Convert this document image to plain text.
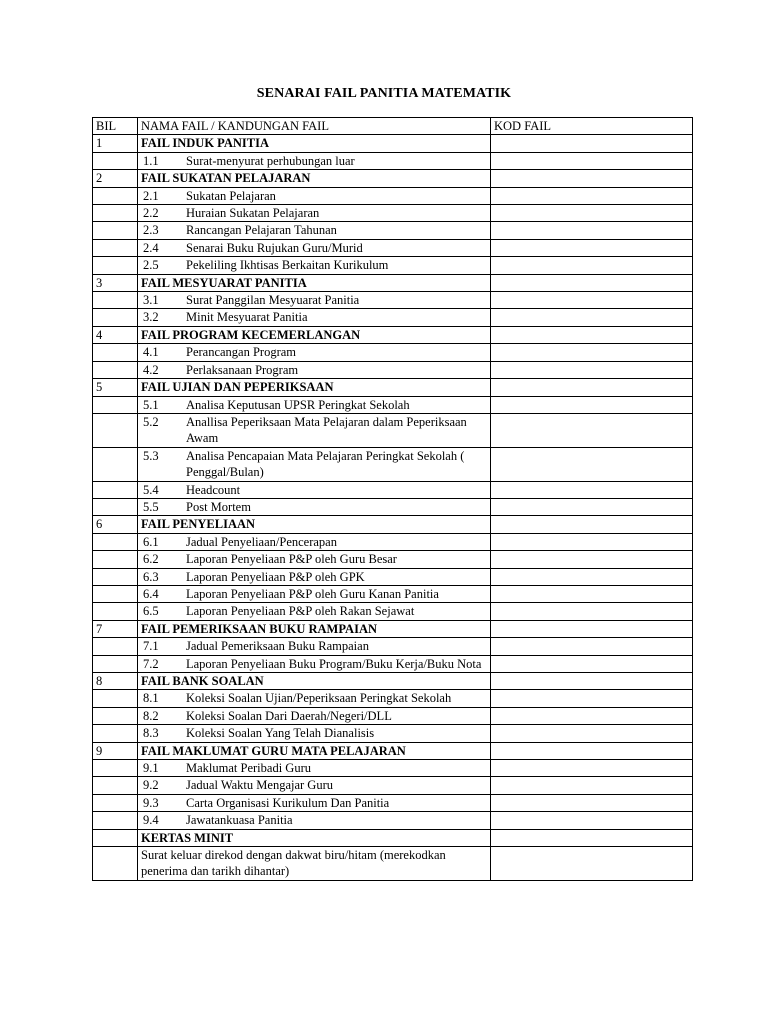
SENARAI FAIL PANITIA MATEMATIK
BIL	NAMA FAIL / KANDUNGAN FAIL	KOD FAIL
1	FAIL INDUK PANITIA	

	1.1 Surat-menyurat perhubungan luar	

2	FAIL SUKATAN PELAJARAN	

	2.1 Sukatan Pelajaran	

	2.2 Huraian Sukatan Pelajaran	

	2.3 Rancangan Pelajaran Tahunan	

	2.4 Senarai Buku Rujukan Guru/Murid	

	2.5 Pekeliling Ikhtisas Berkaitan Kurikulum	

3	FAIL MESYUARAT PANITIA	

	3.1 Surat Panggilan Mesyuarat Panitia	

	3.2 Minit Mesyuarat Panitia	

4	FAIL PROGRAM KECEMERLANGAN	

	4.1 Perancangan Program	

	4.2 Perlaksanaan Program	

5	FAIL UJIAN DAN PEPERIKSAAN	

	5.1 Analisa Keputusan UPSR Peringkat Sekolah	

	5.2 Anallisa Peperiksaan Mata Pelajaran dalam Peperiksaan Awam	

	5.3 Analisa Pencapaian Mata Pelajaran Peringkat Sekolah ( Penggal/Bulan)	

	5.4 Headcount	

	5.5 Post Mortem	

6	FAIL PENYELIAAN	

	6.1 Jadual Penyeliaan/Pencerapan	

	6.2 Laporan Penyeliaan P&P oleh Guru Besar	

	6.3 Laporan Penyeliaan P&P oleh GPK	

	6.4 Laporan Penyeliaan P&P oleh Guru Kanan Panitia	

	6.5 Laporan Penyeliaan P&P oleh Rakan Sejawat	

7	FAIL PEMERIKSAAN BUKU RAMPAIAN	

	7.1 Jadual Pemeriksaan Buku Rampaian	

	7.2 Laporan Penyeliaan Buku Program/Buku Kerja/Buku Nota	

8	FAIL BANK SOALAN	

	8.1 Koleksi Soalan Ujian/Peperiksaan Peringkat Sekolah	

	8.2 Koleksi Soalan Dari Daerah/Negeri/DLL	

	8.3 Koleksi Soalan Yang Telah Dianalisis	

9	FAIL MAKLUMAT GURU MATA PELAJARAN	

	9.1 Maklumat Peribadi Guru	

	9.2 Jadual Waktu Mengajar Guru	

	9.3 Carta Organisasi Kurikulum Dan Panitia	

	9.4 Jawatankuasa Panitia	

	KERTAS MINIT	
	Surat keluar direkod dengan dakwat biru/hitam (merekodkan penerima dan tarikh dihantar)	
